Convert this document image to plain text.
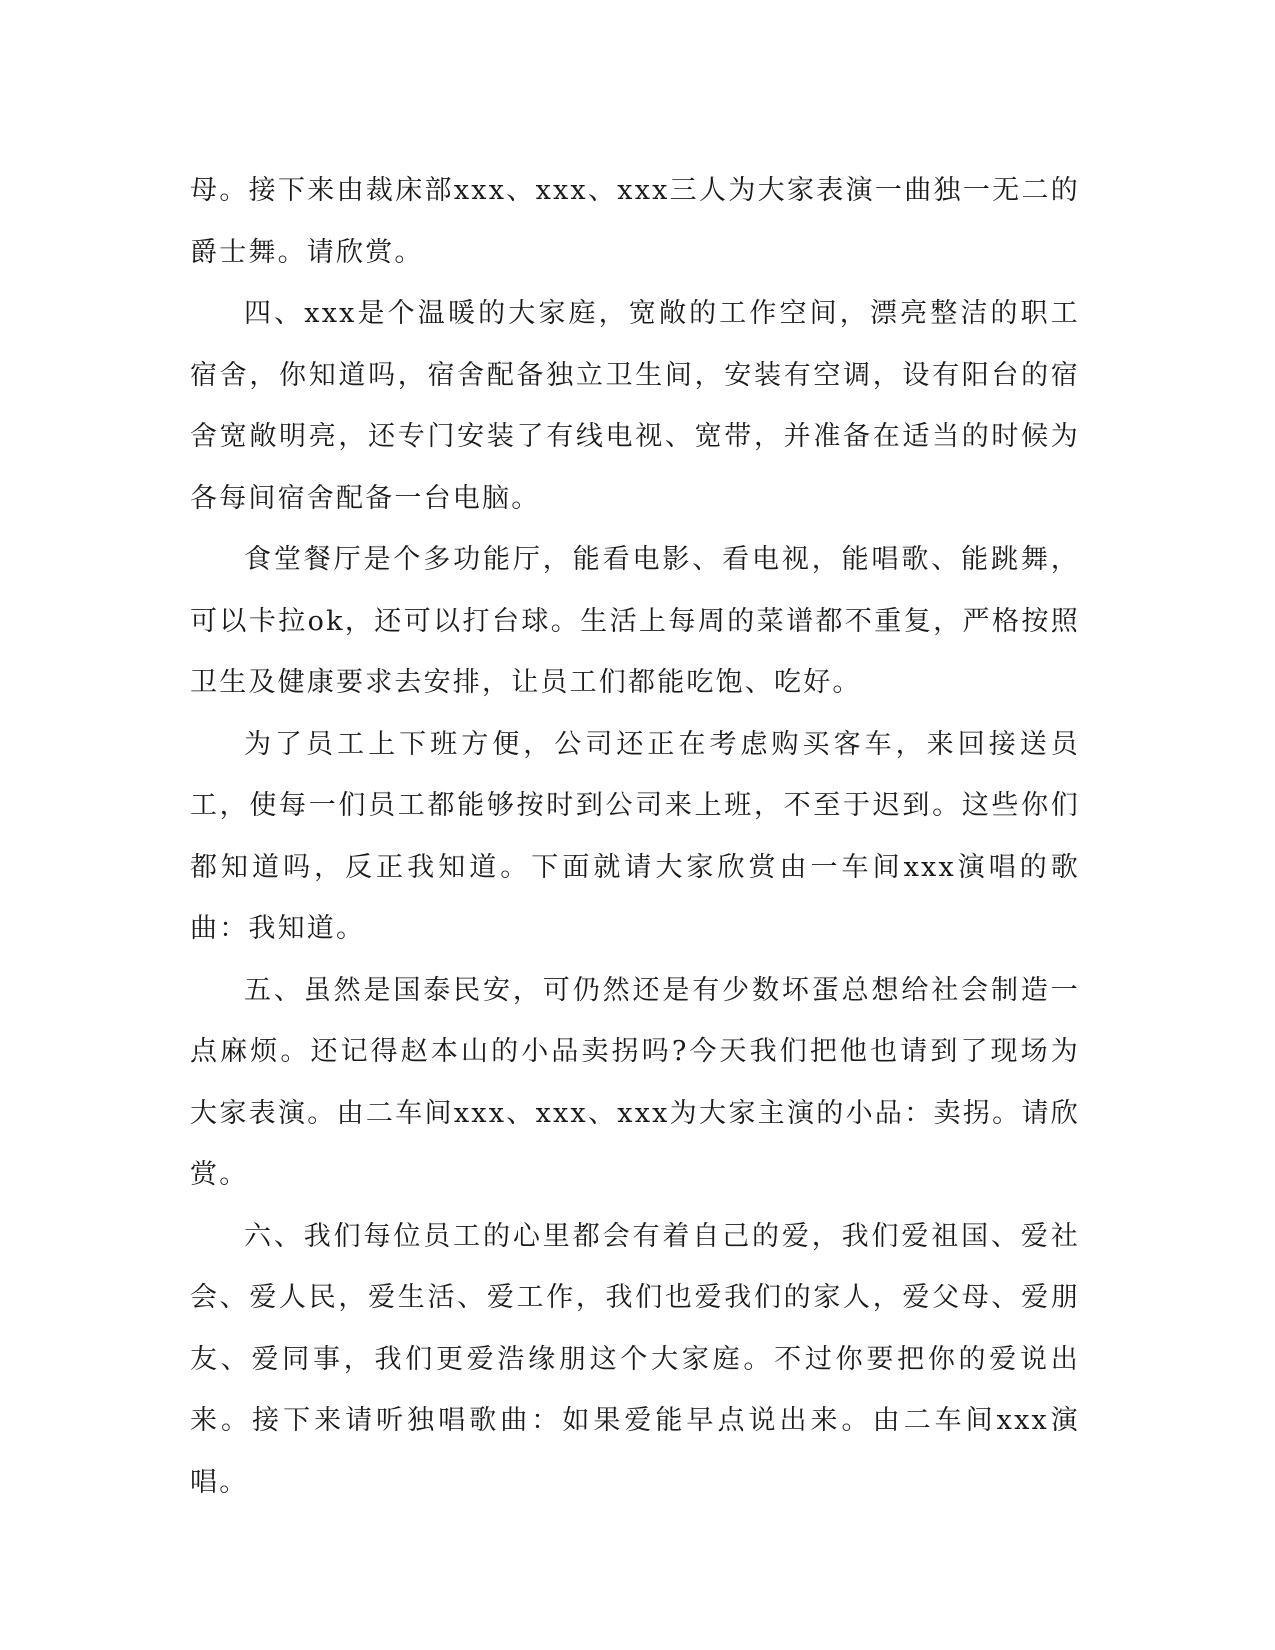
母。接下来由裁床部xxx、xxx、xxx三人为大家表演一曲独一无二的爵士舞。请欣赏。

四、xxx是个温暖的大家庭，宽敞的工作空间，漂亮整洁的职工宿舍，你知道吗，宿舍配备独立卫生间，安装有空调，设有阳台的宿舍宽敞明亮，还专门安装了有线电视、宽带，并准备在适当的时候为各每间宿舍配备一台电脑。

食堂餐厅是个多功能厅，能看电影、看电视，能唱歌、能跳舞，可以卡拉ok，还可以打台球。生活上每周的菜谱都不重复，严格按照卫生及健康要求去安排，让员工们都能吃饱、吃好。

为了员工上下班方便，公司还正在考虑购买客车，来回接送员工，使每一们员工都能够按时到公司来上班，不至于迟到。这些你们都知道吗，反正我知道。下面就请大家欣赏由一车间xxx演唱的歌曲：我知道。

五、虽然是国泰民安，可仍然还是有少数坏蛋总想给社会制造一点麻烦。还记得赵本山的小品卖拐吗?今天我们把他也请到了现场为大家表演。由二车间xxx、xxx、xxx为大家主演的小品：卖拐。请欣赏。

六、我们每位员工的心里都会有着自己的爱，我们爱祖国、爱社会、爱人民，爱生活、爱工作，我们也爱我们的家人，爱父母、爱朋友、爱同事，我们更爱浩缘朋这个大家庭。不过你要把你的爱说出来。接下来请听独唱歌曲：如果爱能早点说出来。由二车间xxx演唱。
